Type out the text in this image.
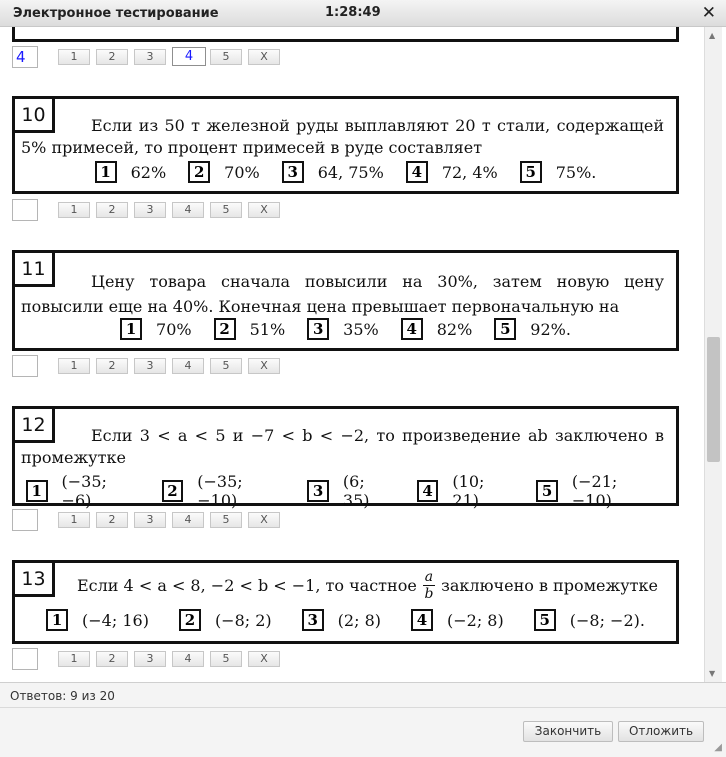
Электронное тестирование	1:28:49	✕
4	1	2	3	4	5	X
10	Если из 50 т железной руды выплавляют 20 т стали, содержащей 5% примесей, то процент примесей в руде составляет
1	62%	2	70%	3	64, 75%	4	72, 4%	5	75%.
1	2	3	4	5	X
11
Цену товара сначала повысили на 30%, затем новую цену повысили еще на 40%. Конечная цена превышает первоначальную на
1	70%	2	51%	3	35%	4	82%	5	92%.
1	2	3	4	5	X
12	Если 3 < a < 5 и −7 < b < −2, то произведение ab заключено в промежутке
1	(−35; −6)	2	(−35; −10)	3	(6; 35)	4	(10; 21)	5	(−21; −10).
1	2	3	4	5	X
13	Если 4 < a < 8, −2 < b < −1, то частное $\frac{a}{b}$ заключено в промежутке
1	(−4; 16)	2	(−8; 2)	3	(2; 8)	4	(−2; 8)	5	(−8; −2).
1	2	3	4	5	X
▲
▼
Ответов: 9 из 20
Закончить	Отложить
◢
